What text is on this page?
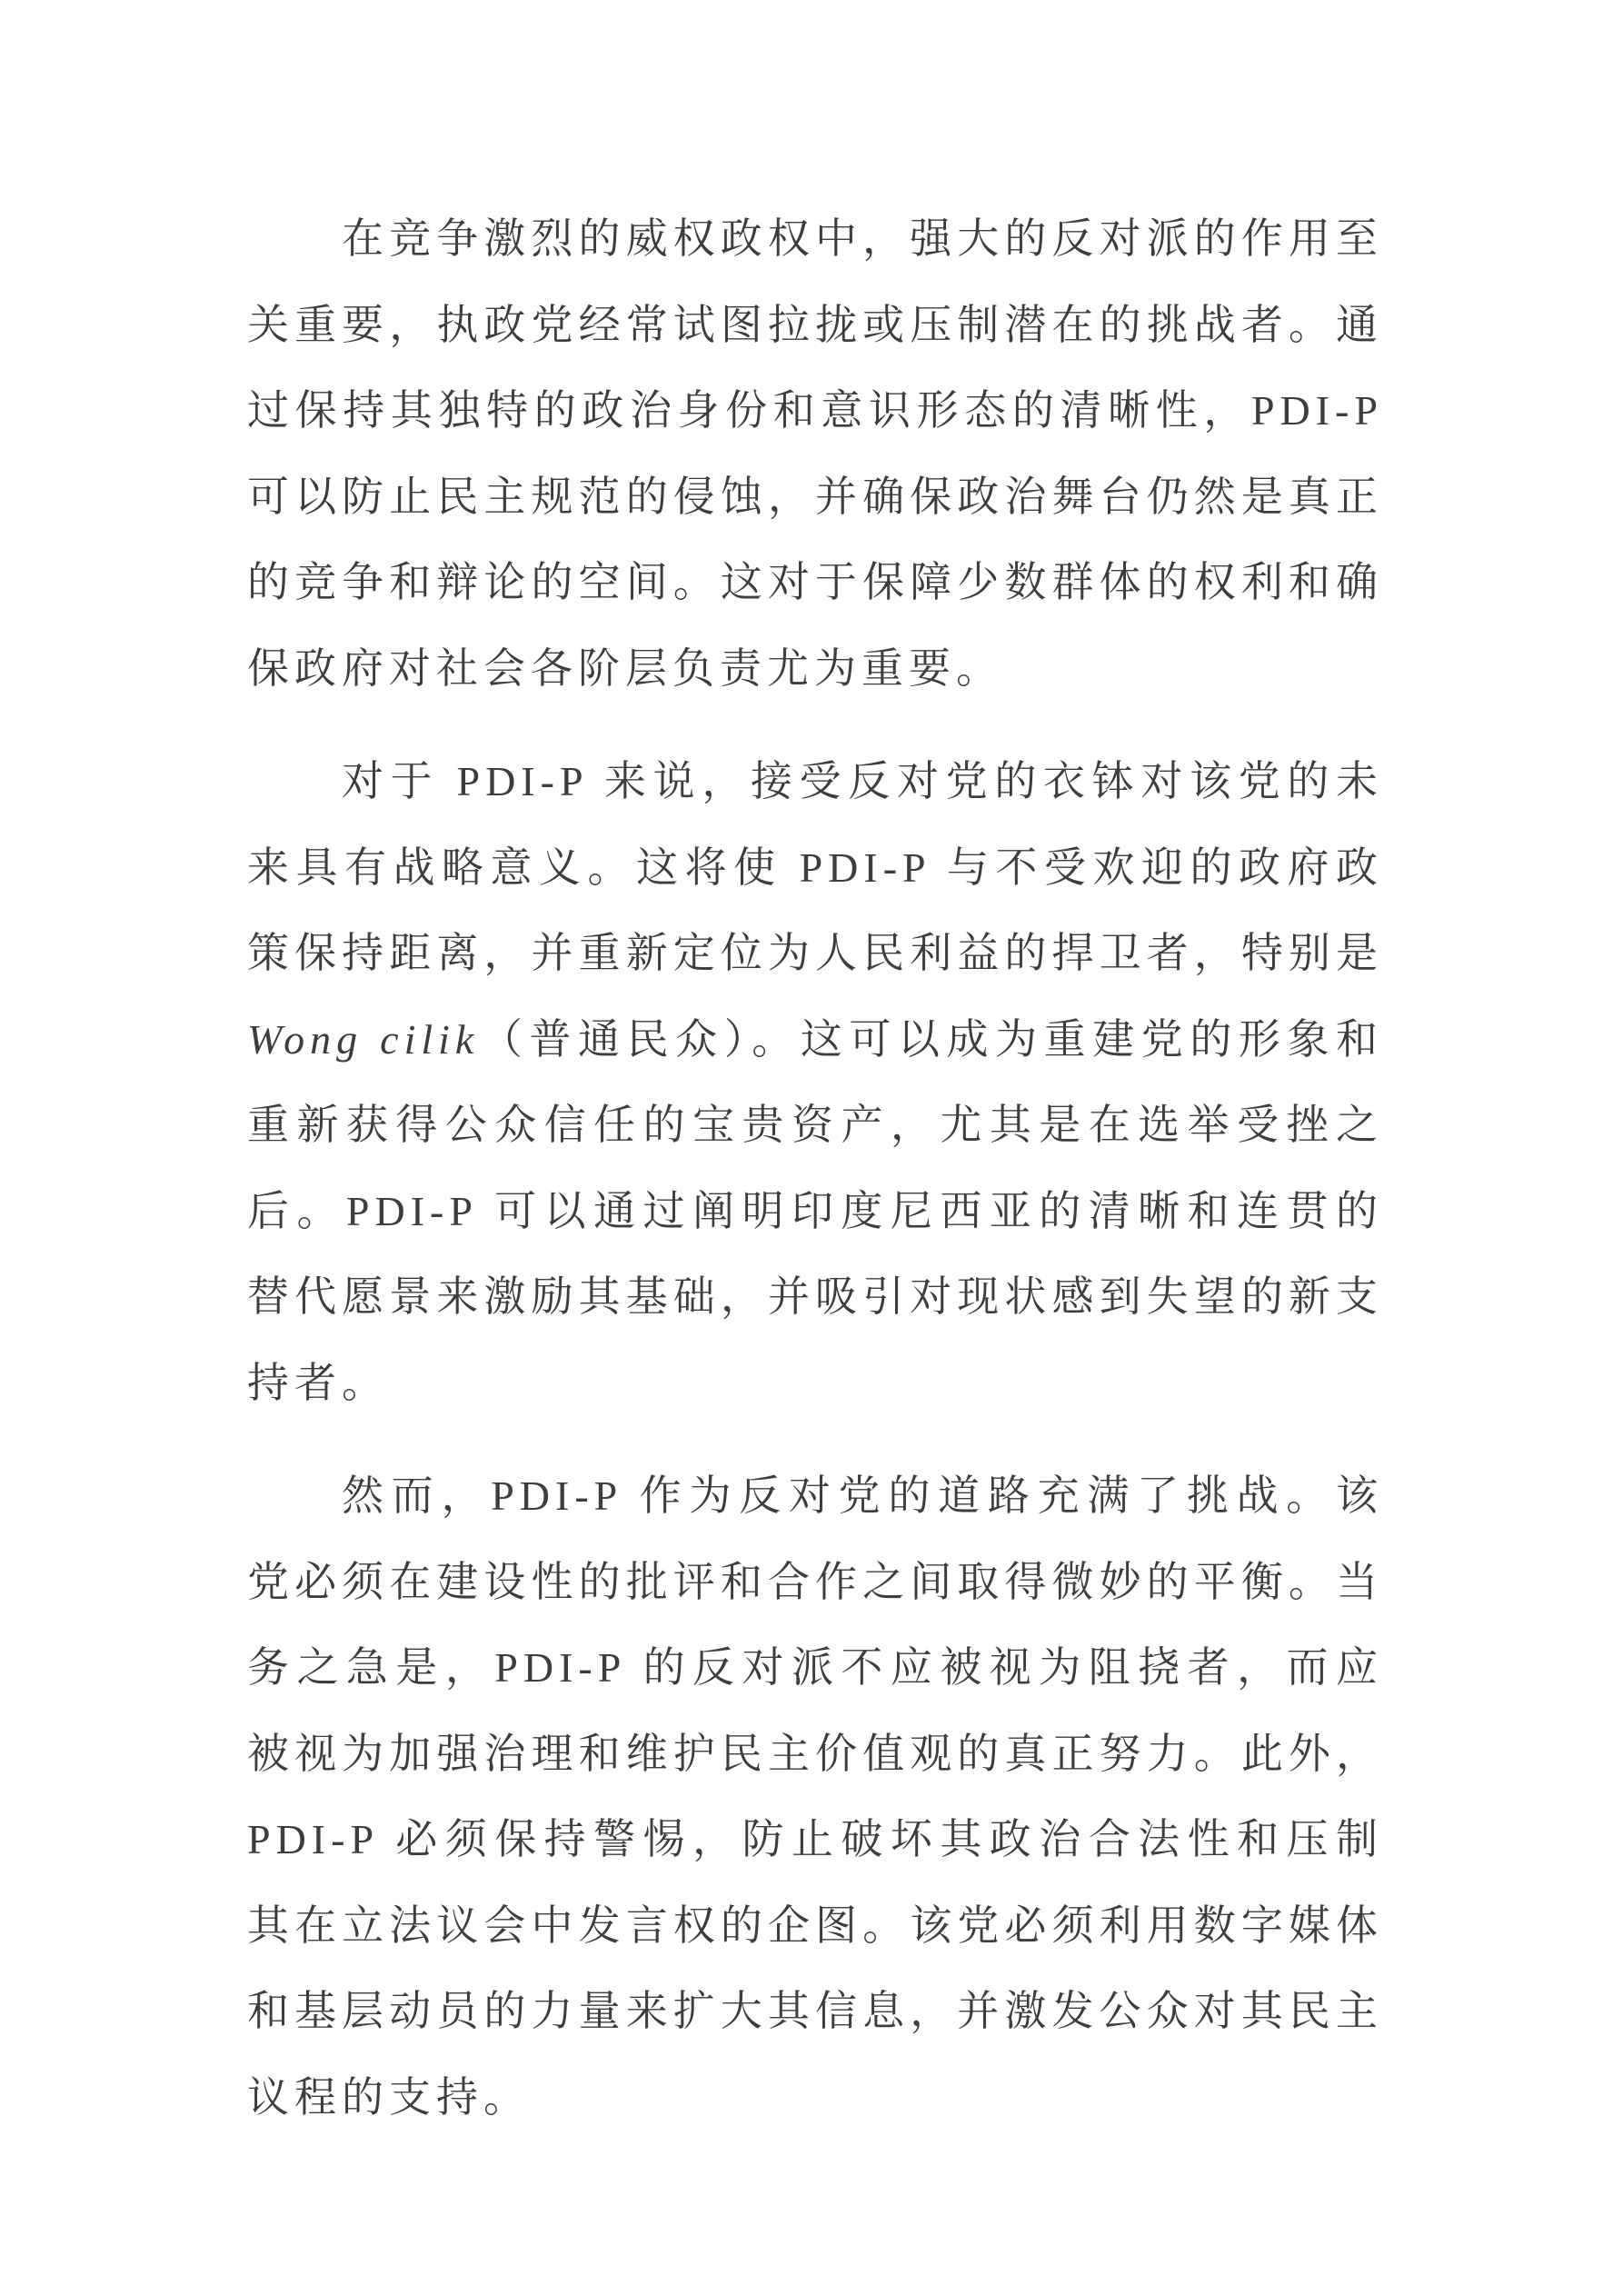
在竞争激烈的威权政权中，强大的反对派的作用至关重要，执政党经常试图拉拢或压制潜在的挑战者。通过保持其独特的政治身份和意识形态的清晰性，PDI-P 可以防止民主规范的侵蚀，并确保政治舞台仍然是真正的竞争和辩论的空间。这对于保障少数群体的权利和确保政府对社会各阶层负责尤为重要。

对于 PDI-P 来说，接受反对党的衣钵对该党的未来具有战略意义。这将使 PDI-P 与不受欢迎的政府政策保持距离，并重新定位为人民利益的捍卫者，特别是 Wong cilik（普通民众）。这可以成为重建党的形象和重新获得公众信任的宝贵资产，尤其是在选举受挫之后。PDI-P 可以通过阐明印度尼西亚的清晰和连贯的替代愿景来激励其基础，并吸引对现状感到失望的新支持者。

然而，PDI-P 作为反对党的道路充满了挑战。该党必须在建设性的批评和合作之间取得微妙的平衡。当务之急是，PDI-P 的反对派不应被视为阻挠者，而应被视为加强治理和维护民主价值观的真正努力。此外，PDI-P 必须保持警惕，防止破坏其政治合法性和压制其在立法议会中发言权的企图。该党必须利用数字媒体和基层动员的力量来扩大其信息，并激发公众对其民主议程的支持。
